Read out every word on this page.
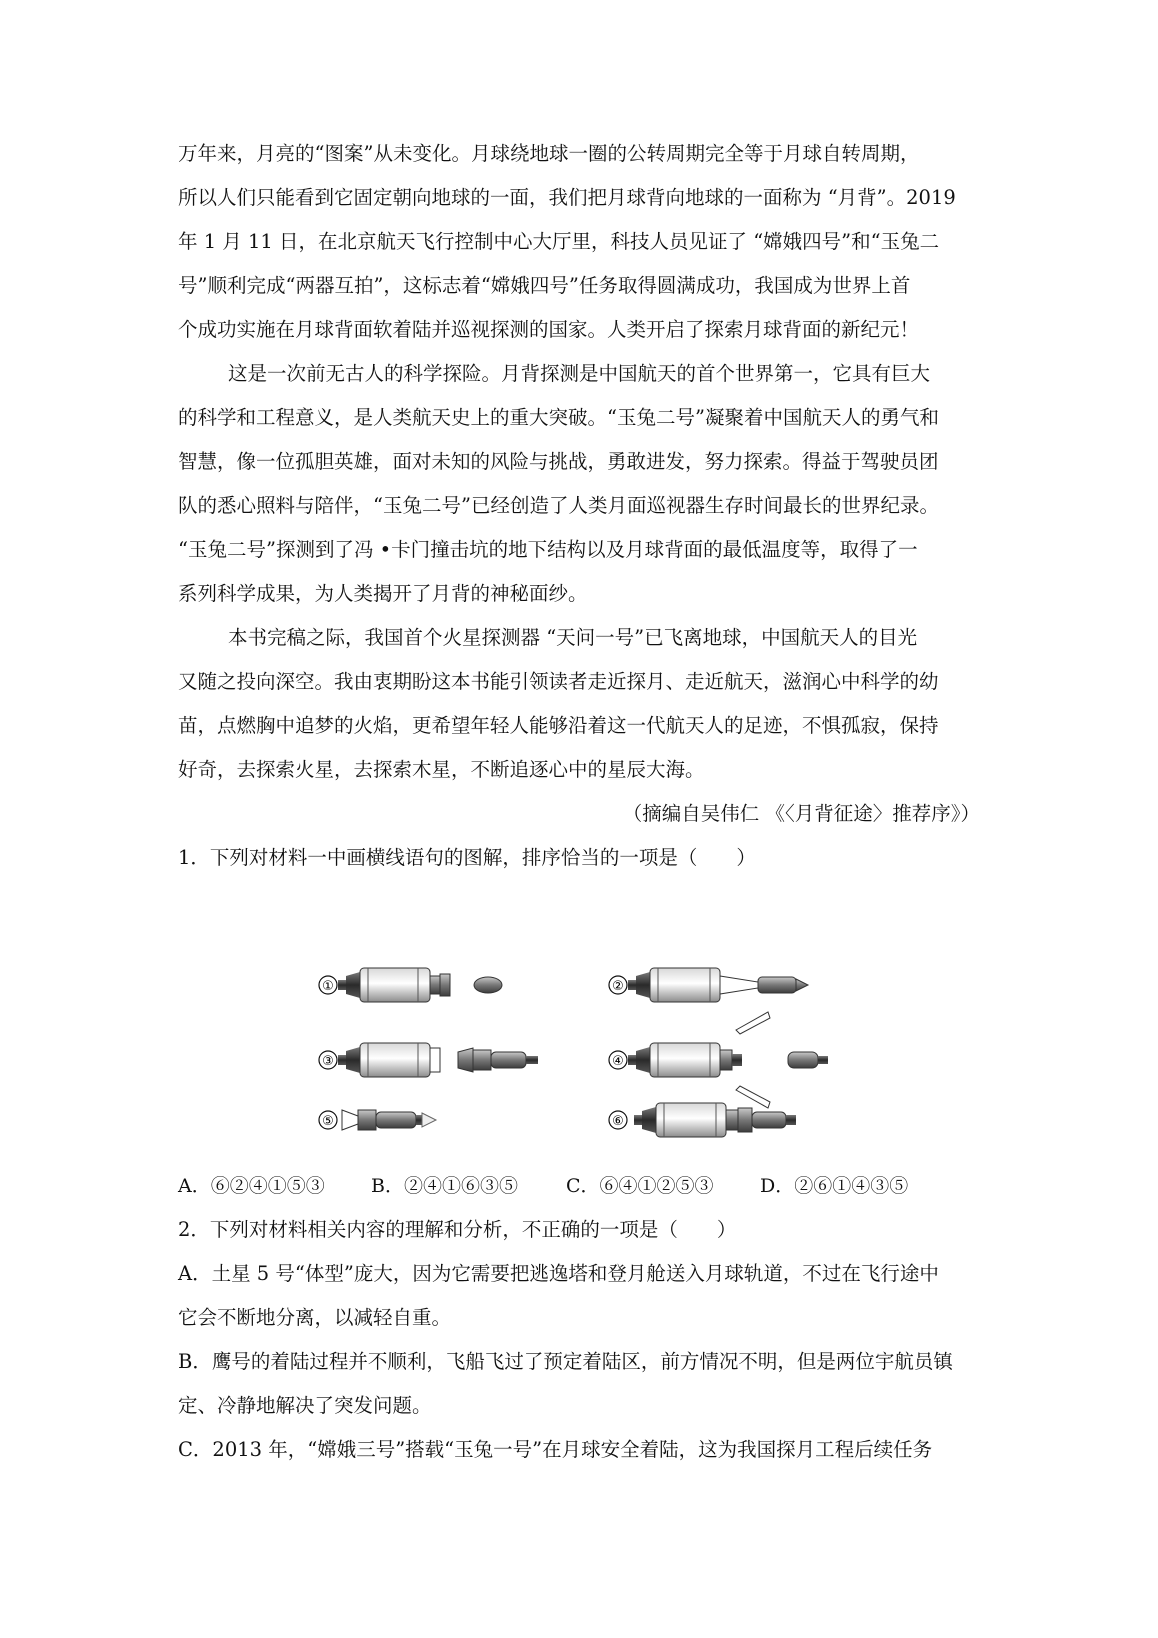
万年来，月亮的“图案”从未变化。月球绕地球一圈的公转周期完全等于月球自转周期，
所以人们只能看到它固定朝向地球的一面，我们把月球背向地球的一面称为 “月背”。2019
年 1 月 11 日，在北京航天飞行控制中心大厅里，科技人员见证了 “嫦娥四号”和“玉兔二
号”顺利完成“两器互拍”，这标志着“嫦娥四号”任务取得圆满成功，我国成为世界上首
个成功实施在月球背面软着陆并巡视探测的国家。人类开启了探索月球背面的新纪元！
这是一次前无古人的科学探险。月背探测是中国航天的首个世界第一，它具有巨大
的科学和工程意义，是人类航天史上的重大突破。“玉兔二号”凝聚着中国航天人的勇气和
智慧，像一位孤胆英雄，面对未知的风险与挑战，勇敢进发，努力探索。得益于驾驶员团
队的悉心照料与陪伴，“玉兔二号”已经创造了人类月面巡视器生存时间最长的世界纪录。
“玉兔二号”探测到了冯 •卡门撞击坑的地下结构以及月球背面的最低温度等，取得了一
系列科学成果，为人类揭开了月背的神秘面纱。
本书完稿之际，我国首个火星探测器 “天问一号”已飞离地球，中国航天人的目光
又随之投向深空。我由衷期盼这本书能引领读者走近探月、走近航天，滋润心中科学的幼
苗，点燃胸中追梦的火焰，更希望年轻人能够沿着这一代航天人的足迹，不惧孤寂，保持
好奇，去探索火星，去探索木星，不断追逐心中的星辰大海。
（摘编自吴伟仁 《〈月背征途〉推荐序》）
1．下列对材料一中画横线语句的图解，排序恰当的一项是（　　）
①	②
③	④
⑤	⑥
A．⑥②④①⑤③ B．②④①⑥③⑤	C．⑥④①②⑤③ D．②⑥①④③⑤
2．下列对材料相关内容的理解和分析，不正确的一项是（　　）
A．土星 5 号“体型”庞大，因为它需要把逃逸塔和登月舱送入月球轨道，不过在飞行途中
它会不断地分离，以减轻自重。
B．鹰号的着陆过程并不顺利，飞船飞过了预定着陆区，前方情况不明，但是两位宇航员镇
定、冷静地解决了突发问题。
C．2013 年，“嫦娥三号”搭载“玉兔一号”在月球安全着陆，这为我国探月工程后续任务
